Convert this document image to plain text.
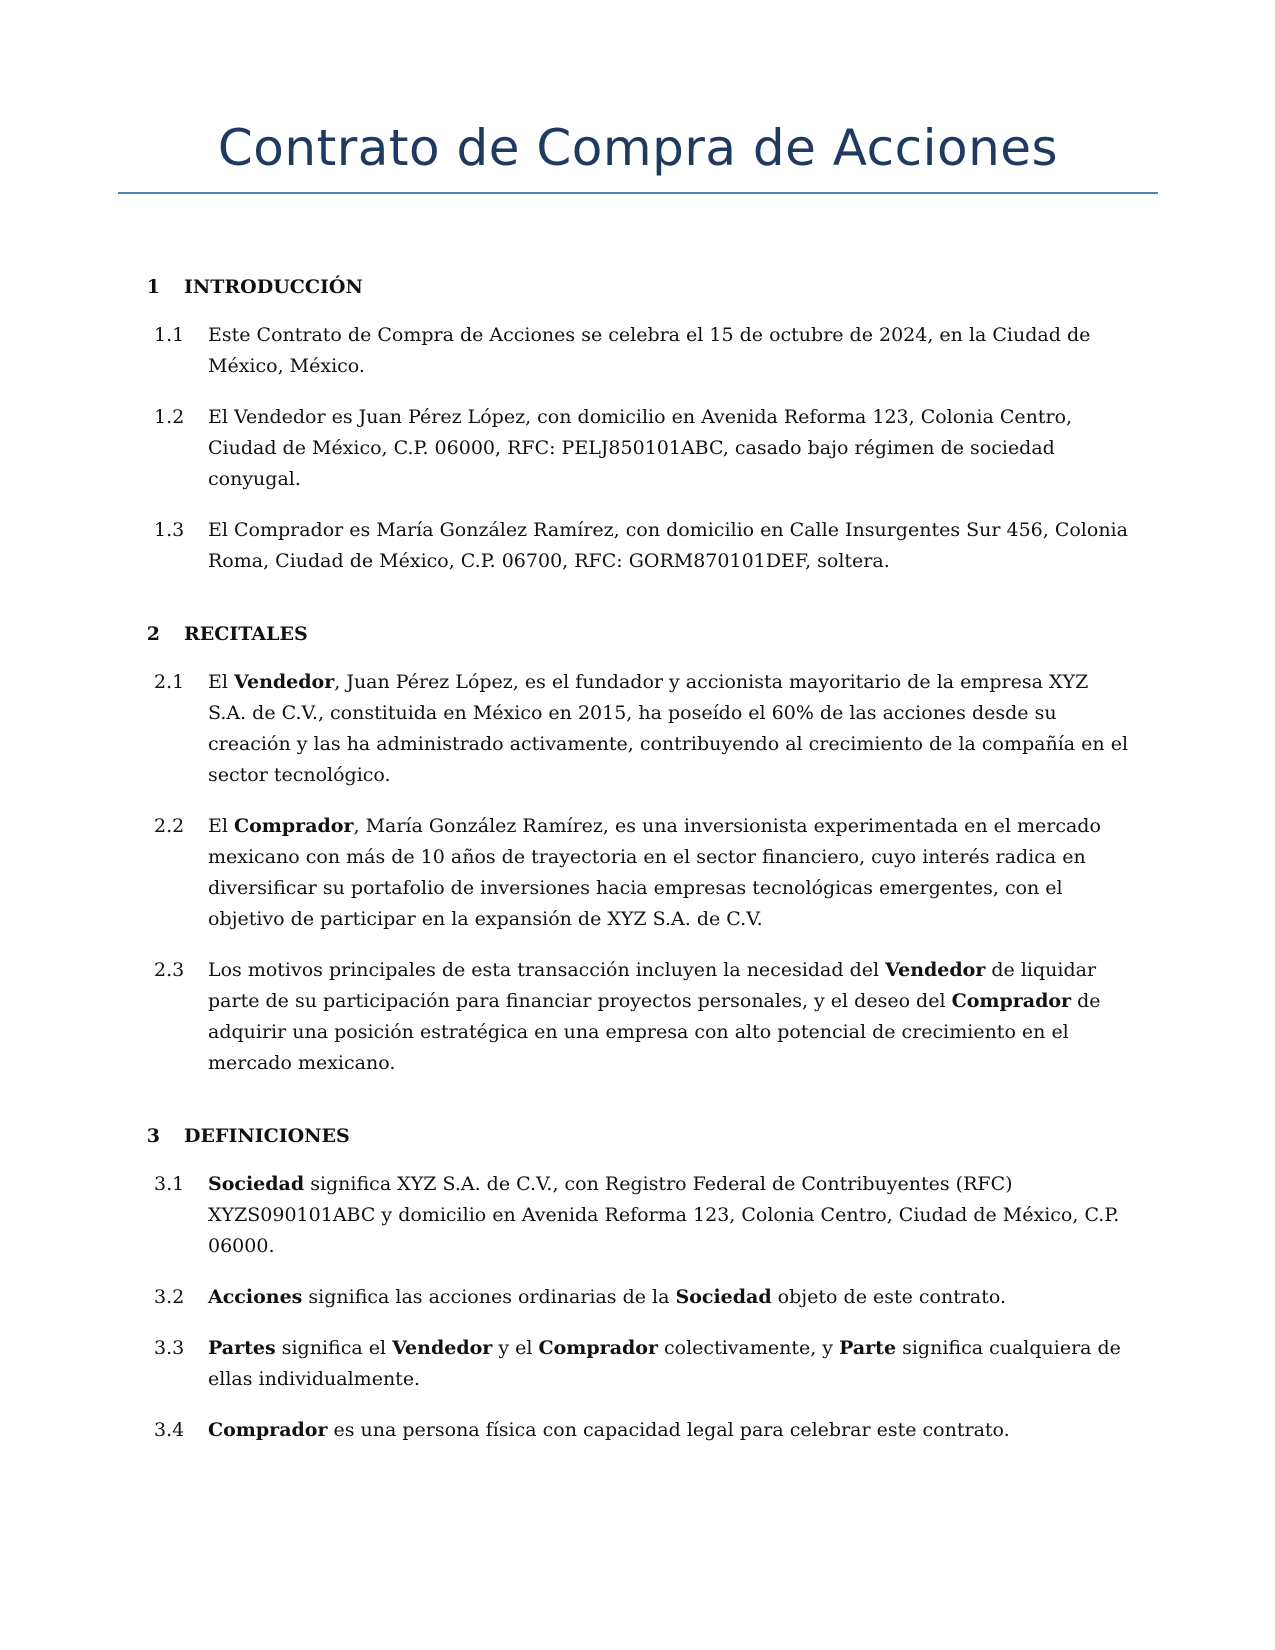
Contrato de Compra de Acciones
1	INTRODUCCIÓN
1.1	Este Contrato de Compra de Acciones se celebra el 15 de octubre de 2024, en la Ciudad de México, México.
1.2	El Vendedor es Juan Pérez López, con domicilio en Avenida Reforma 123, Colonia Centro, Ciudad de México, C.P. 06000, RFC: PELJ850101ABC, casado bajo régimen de sociedad conyugal.
1.3	El Comprador es María González Ramírez, con domicilio en Calle Insurgentes Sur 456, Colonia Roma, Ciudad de México, C.P. 06700, RFC: GORM870101DEF, soltera.
2	RECITALES
2.1	El Vendedor, Juan Pérez López, es el fundador y accionista mayoritario de la empresa XYZ S.A. de C.V., constituida en México en 2015, ha poseído el 60% de las acciones desde su creación y las ha administrado activamente, contribuyendo al crecimiento de la compañía en el sector tecnológico.
2.2	El Comprador, María González Ramírez, es una inversionista experimentada en el mercado mexicano con más de 10 años de trayectoria en el sector financiero, cuyo interés radica en diversificar su portafolio de inversiones hacia empresas tecnológicas emergentes, con el objetivo de participar en la expansión de XYZ S.A. de C.V.
2.3	Los motivos principales de esta transacción incluyen la necesidad del Vendedor de liquidar parte de su participación para financiar proyectos personales, y el deseo del Comprador de adquirir una posición estratégica en una empresa con alto potencial de crecimiento en el mercado mexicano.
3	DEFINICIONES
3.1	Sociedad significa XYZ S.A. de C.V., con Registro Federal de Contribuyentes (RFC) XYZS090101ABC y domicilio en Avenida Reforma 123, Colonia Centro, Ciudad de México, C.P. 06000.
3.2	Acciones significa las acciones ordinarias de la Sociedad objeto de este contrato.
3.3	Partes significa el Vendedor y el Comprador colectivamente, y Parte significa cualquiera de ellas individualmente.
3.4	Comprador es una persona física con capacidad legal para celebrar este contrato.
